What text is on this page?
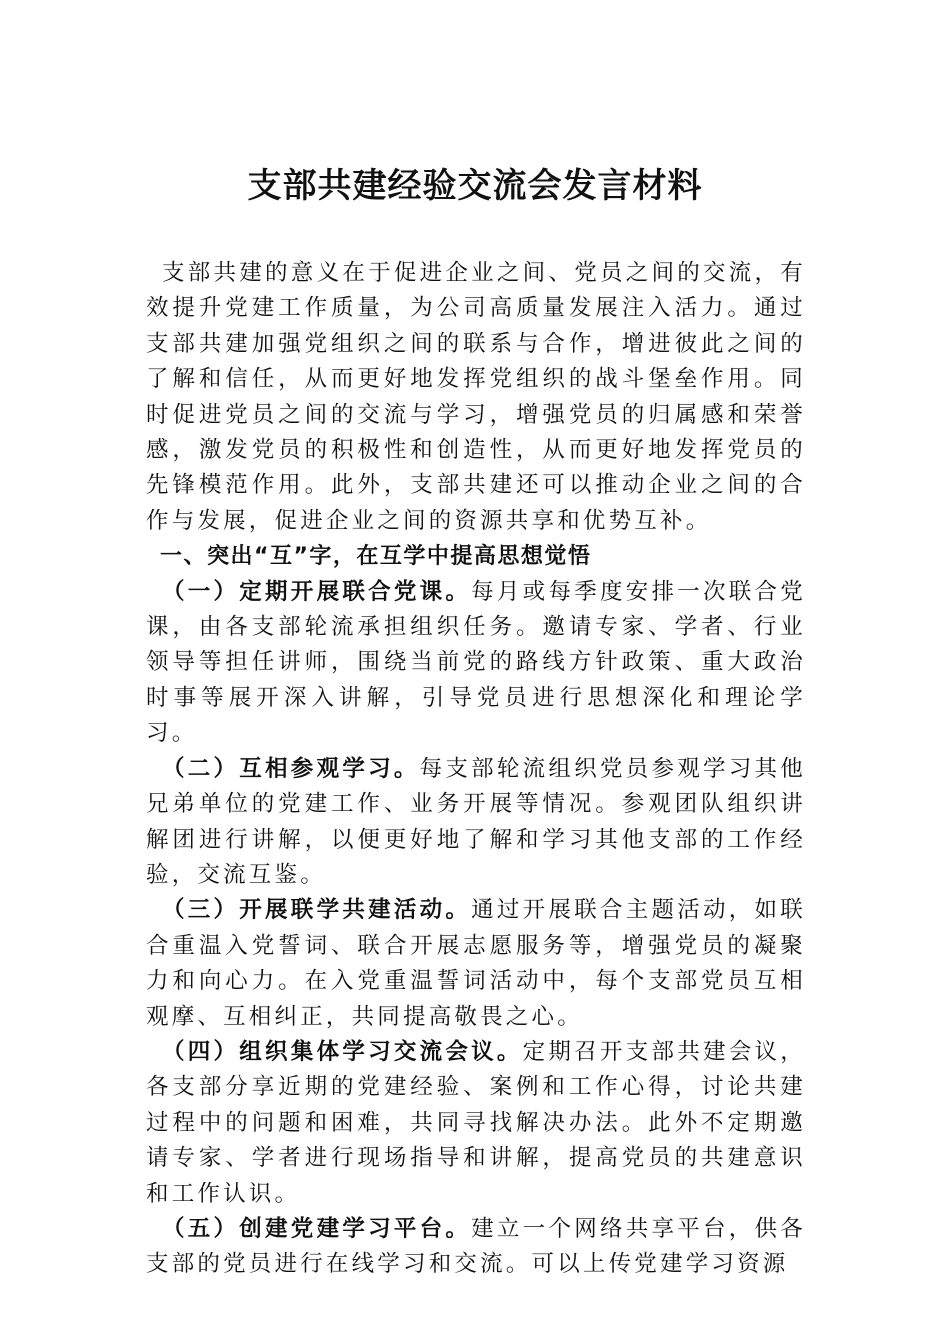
支部共建经验交流会发言材料

支部共建的意义在于促进企业之间、党员之间的交流，有效提升党建工作质量，为公司高质量发展注入活力。通过支部共建加强党组织之间的联系与合作，增进彼此之间的了解和信任，从而更好地发挥党组织的战斗堡垒作用。同时促进党员之间的交流与学习，增强党员的归属感和荣誉感，激发党员的积极性和创造性，从而更好地发挥党员的先锋模范作用。此外，支部共建还可以推动企业之间的合作与发展，促进企业之间的资源共享和优势互补。

一、突出“互”字，在互学中提高思想觉悟

（一）定期开展联合党课。每月或每季度安排一次联合党课，由各支部轮流承担组织任务。邀请专家、学者、行业领导等担任讲师，围绕当前党的路线方针政策、重大政治时事等展开深入讲解，引导党员进行思想深化和理论学习。

（二）互相参观学习。每支部轮流组织党员参观学习其他兄弟单位的党建工作、业务开展等情况。参观团队组织讲解团进行讲解，以便更好地了解和学习其他支部的工作经验，交流互鉴。

（三）开展联学共建活动。通过开展联合主题活动，如联合重温入党誓词、联合开展志愿服务等，增强党员的凝聚力和向心力。在入党重温誓词活动中，每个支部党员互相观摩、互相纠正，共同提高敬畏之心。

（四）组织集体学习交流会议。定期召开支部共建会议，各支部分享近期的党建经验、案例和工作心得，讨论共建过程中的问题和困难，共同寻找解决办法。此外不定期邀请专家、学者进行现场指导和讲解，提高党员的共建意识和工作认识。

（五）创建党建学习平台。建立一个网络共享平台，供各支部的党员进行在线学习和交流。可以上传党建学习资源
